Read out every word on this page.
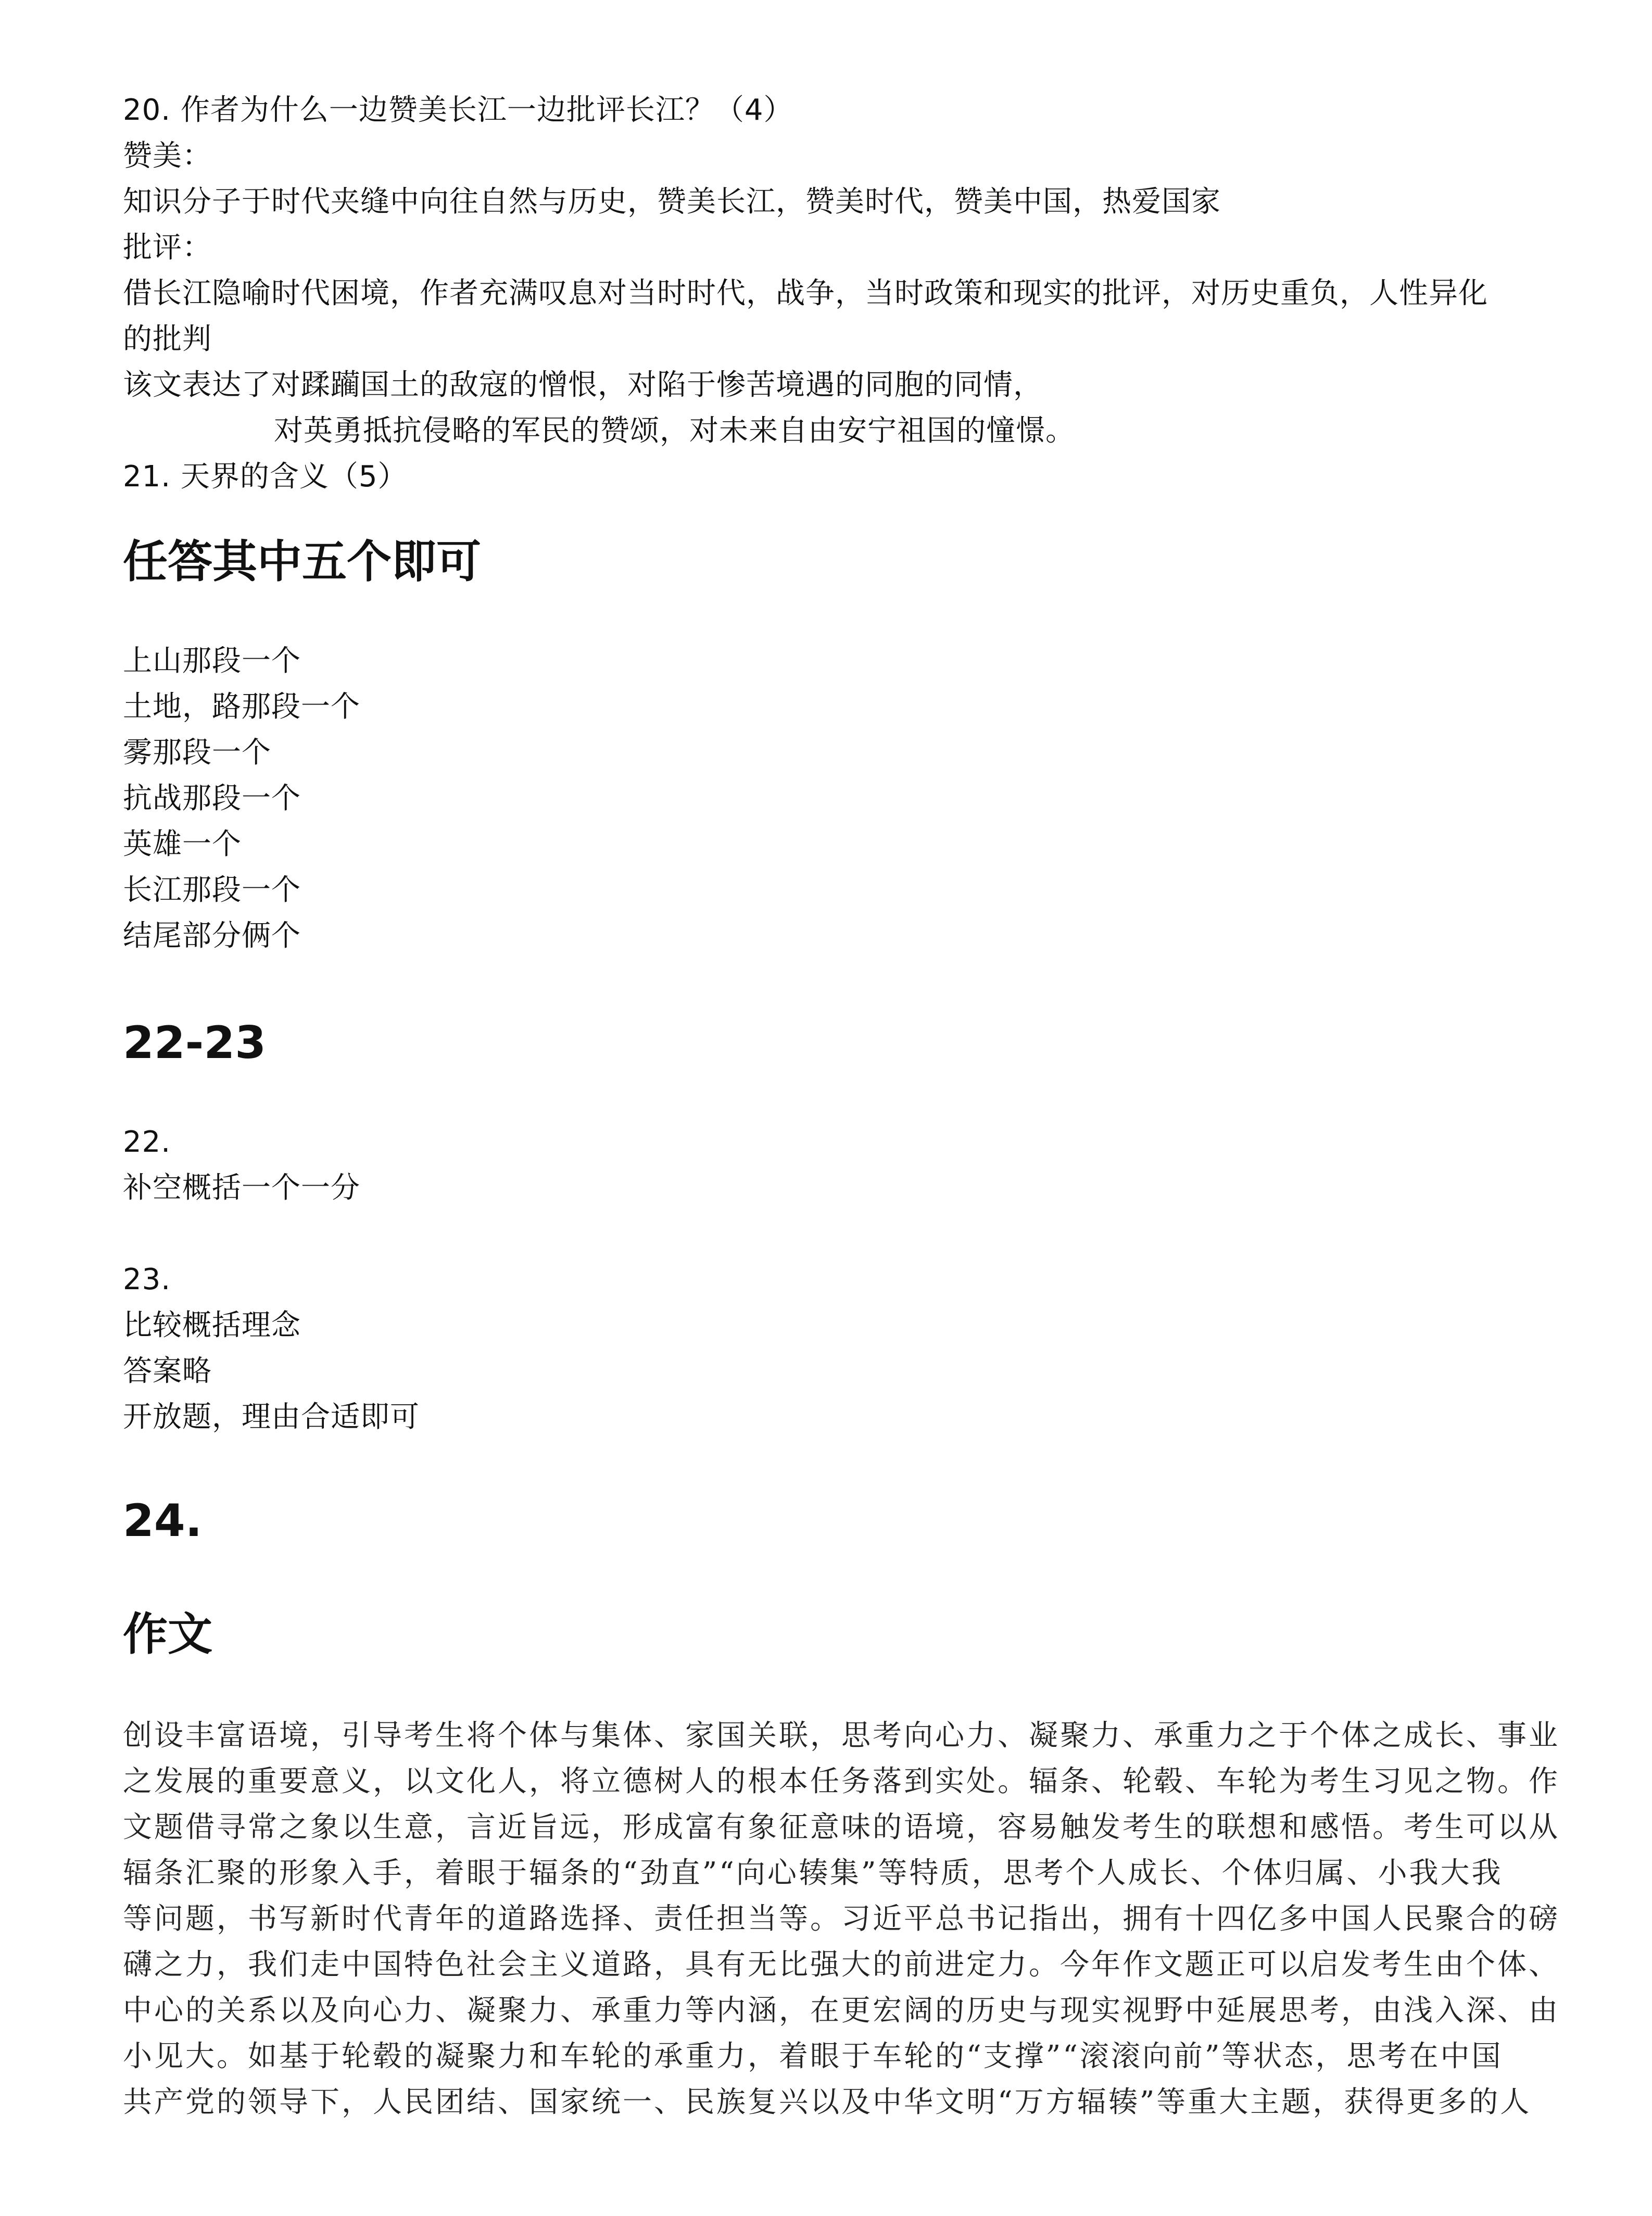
20. 作者为什么一边赞美长江一边批评长江？（4）
赞美：
知识分子于时代夹缝中向往自然与历史，赞美长江，赞美时代，赞美中国，热爱国家
批评：
借长江隐喻时代困境，作者充满叹息对当时时代，战争，当时政策和现实的批评，对历史重负，人性异化
的批判
该文表达了对蹂躏国土的敌寇的憎恨，对陷于惨苦境遇的同胞的同情，
对英勇抵抗侵略的军民的赞颂，对未来自由安宁祖国的憧憬。
21. 天界的含义（5）
任答其中五个即可
上山那段一个
土地，路那段一个
雾那段一个
抗战那段一个
英雄一个
长江那段一个
结尾部分俩个
22-23
22.
补空概括一个一分
23.
比较概括理念
答案略
开放题，理由合适即可
24.
作文
创设丰富语境，引导考生将个体与集体、家国关联，思考向心力、凝聚力、承重力之于个体之成长、事业
之发展的重要意义，以文化人，将立德树人的根本任务落到实处。辐条、轮毂、车轮为考生习见之物。作
文题借寻常之象以生意，言近旨远，形成富有象征意味的语境，容易触发考生的联想和感悟。考生可以从
辐条汇聚的形象入手，着眼于辐条的“劲直”“向心辏集”等特质，思考个人成长、个体归属、小我大我
等问题，书写新时代青年的道路选择、责任担当等。习近平总书记指出，拥有十四亿多中国人民聚合的磅
礴之力，我们走中国特色社会主义道路，具有无比强大的前进定力。今年作文题正可以启发考生由个体、
中心的关系以及向心力、凝聚力、承重力等内涵，在更宏阔的历史与现实视野中延展思考，由浅入深、由
小见大。如基于轮毂的凝聚力和车轮的承重力，着眼于车轮的“支撑”“滚滚向前”等状态，思考在中国
共产党的领导下，人民团结、国家统一、民族复兴以及中华文明“万方辐辏”等重大主题，获得更多的人
